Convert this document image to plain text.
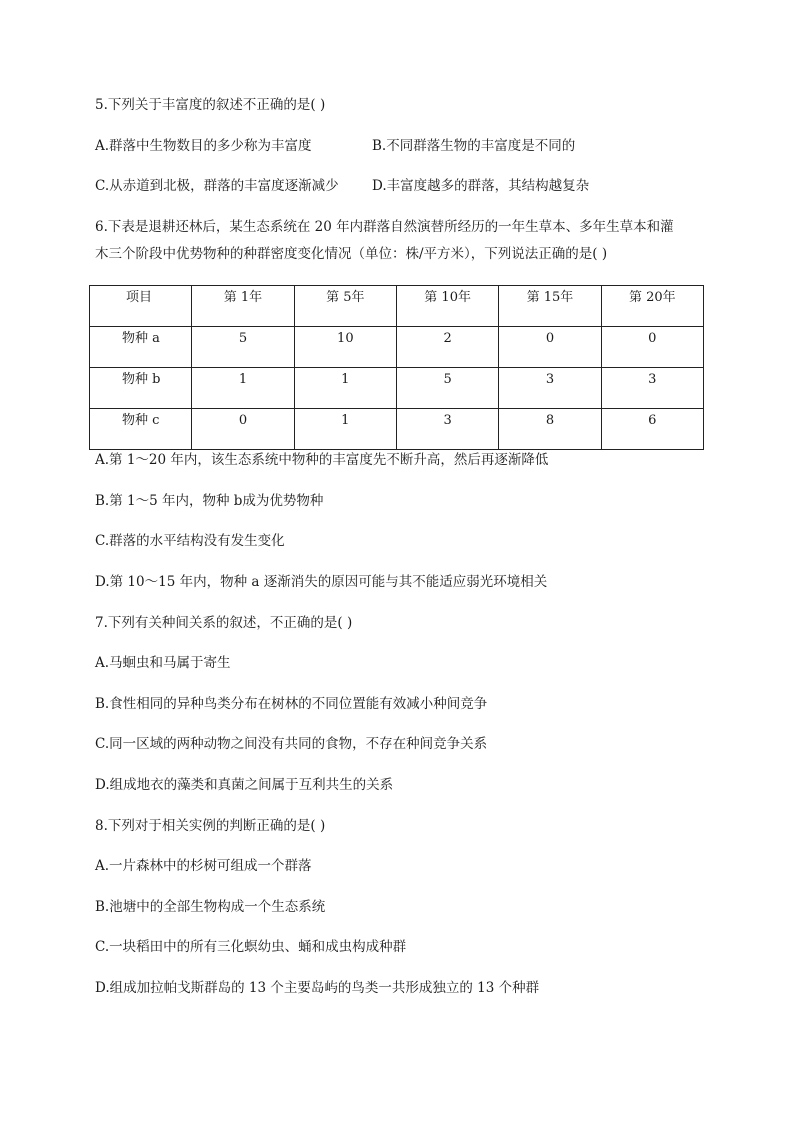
5.下列关于丰富度的叙述不正确的是( )
A.群落中生物数目的多少称为丰富度	B.不同群落生物的丰富度是不同的
C.从赤道到北极，群落的丰富度逐渐减少 D.丰富度越多的群落，其结构越复杂
6.下表是退耕还林后，某生态系统在 20 年内群落自然演替所经历的一年生草本、多年生草本和灌
木三个阶段中优势物种的种群密度变化情况（单位：株/平方米），下列说法正确的是( )
项目	第 1年	第 5年	第 10年	第 15年	第 20年

物种 a	5	10	2	0	0

物种 b	1	1	5	3	3

物种 c	0	1	3	8	6
A.第 1～20 年内，该生态系统中物种的丰富度先不断升高，然后再逐渐降低
B.第 1～5 年内，物种 b成为优势物种
C.群落的水平结构没有发生变化
D.第 10～15 年内，物种 a 逐渐消失的原因可能与其不能适应弱光环境相关
7.下列有关种间关系的叙述，不正确的是( )
A.马蛔虫和马属于寄生
B.食性相同的异种鸟类分布在树林的不同位置能有效减小种间竞争
C.同一区域的两种动物之间没有共同的食物，不存在种间竞争关系
D.组成地衣的藻类和真菌之间属于互利共生的关系
8.下列对于相关实例的判断正确的是( )
A.一片森林中的杉树可组成一个群落
B.池塘中的全部生物构成一个生态系统
C.一块稻田中的所有三化螟幼虫、蛹和成虫构成种群
D.组成加拉帕戈斯群岛的 13 个主要岛屿的鸟类一共形成独立的 13 个种群
